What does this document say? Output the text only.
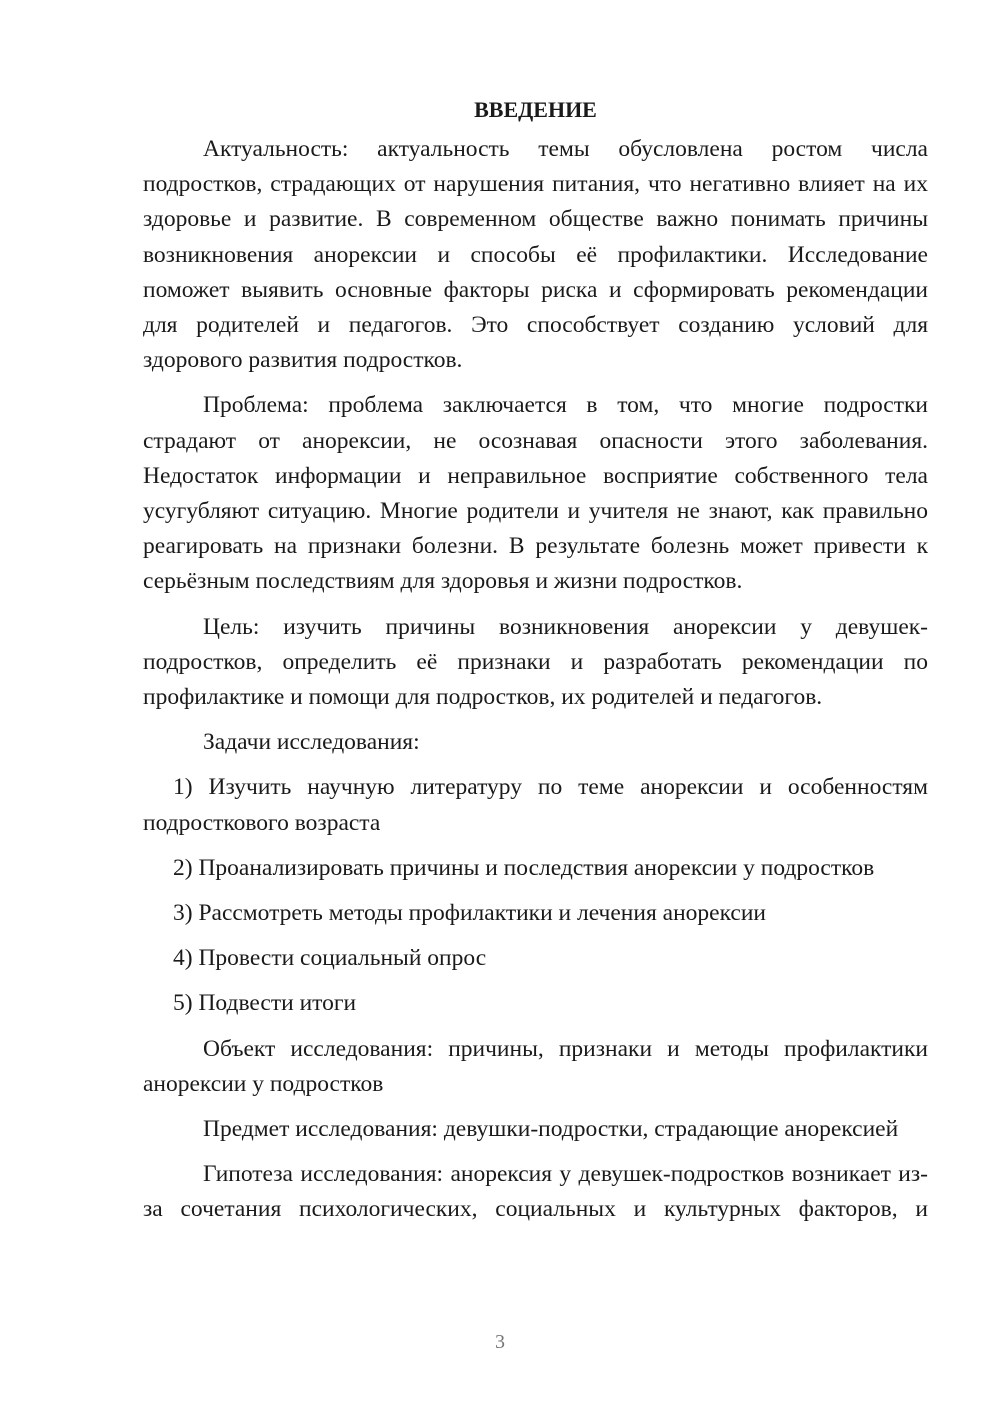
ВВЕДЕНИЕ

Актуальность: актуальность темы обусловлена ростом числа подростков, страдающих от нарушения питания, что негативно влияет на их здоровье и развитие. В современном обществе важно понимать причины возникновения анорексии и способы её профилактики. Исследование поможет выявить основные факторы риска и сформировать рекомендации для родителей и педагогов. Это способствует созданию условий для здорового развития подростков.

Проблема: проблема заключается в том, что многие подростки страдают от анорексии, не осознавая опасности этого заболевания. Недостаток информации и неправильное восприятие собственного тела усугубляют ситуацию. Многие родители и учителя не знают, как правильно реагировать на признаки болезни. В результате болезнь может привести к серьёзным последствиям для здоровья и жизни подростков.

Цель: изучить причины возникновения анорексии у девушек-подростков, определить её признаки и разработать рекомендации по профилактике и помощи для подростков, их родителей и педагогов.

Задачи исследования:

1) Изучить научную литературу по теме анорексии и особенностям подросткового возраста

2) Проанализировать причины и последствия анорексии у подростков

3) Рассмотреть методы профилактики и лечения анорексии

4) Провести социальный опрос

5) Подвести итоги

Объект исследования: причины, признаки и методы профилактики анорексии у подростков

Предмет исследования: девушки-подростки, страдающие анорексией

Гипотеза исследования: анорексия у девушек-подростков возникает из-за сочетания психологических, социальных и культурных факторов, и

3
